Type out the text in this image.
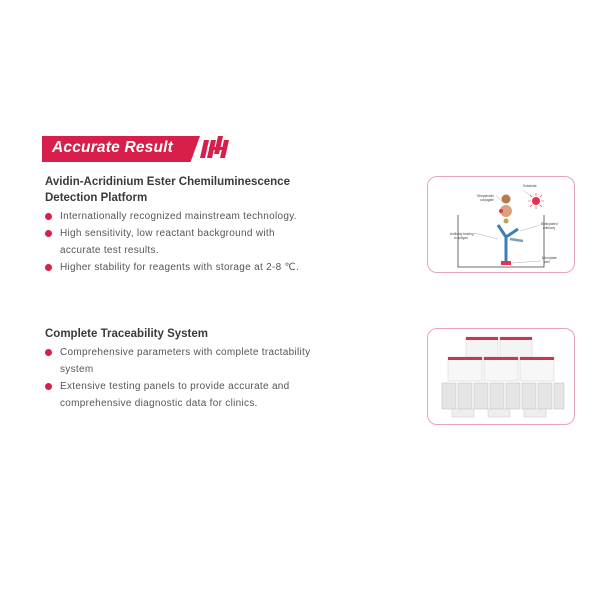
Accurate Result
Avidin-Acridinium Ester Chemiluminescence
Detection Platform
Internationally recognized mainstream technology.
High sensitivity, low reactant background with
accurate test results.
Higher stability for reagents with storage at 2-8 ℃.
Complete Traceability System
Comprehensive parameters with complete tractability
system
Extensive testing panels to provide accurate and
comprehensive diagnostic data for clinics.
Substrate
Streptavidin
conjugate
Antibody binding
to antigen
Biotinylated
antibody
Microplate
well
